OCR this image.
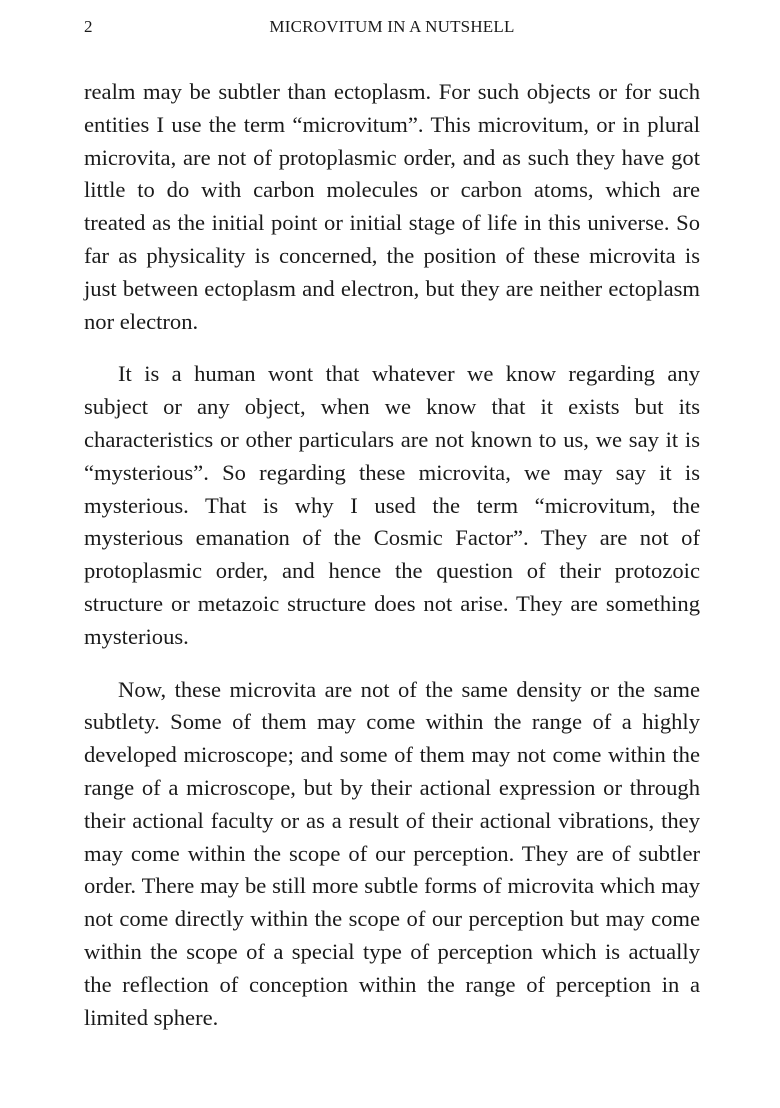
2	MICROVITUM IN A NUTSHELL

realm may be subtler than ectoplasm. For such objects or for such entities I use the term “microvitum”. This microvitum, or in plural microvita, are not of protoplasmic order, and as such they have got little to do with carbon molecules or carbon atoms, which are treated as the initial point or initial stage of life in this universe. So far as physicality is concerned, the position of these microvita is just between ectoplasm and electron, but they are neither ectoplasm nor electron.

It is a human wont that whatever we know regarding any subject or any object, when we know that it exists but its characteristics or other particulars are not known to us, we say it is “mysterious”. So regarding these microvita, we may say it is mysterious. That is why I used the term “microvitum, the mysterious emanation of the Cosmic Factor”. They are not of protoplasmic order, and hence the question of their protozoic structure or metazoic structure does not arise. They are something mysterious.

Now, these microvita are not of the same density or the same subtlety. Some of them may come within the range of a highly developed microscope; and some of them may not come within the range of a microscope, but by their actional expression or through their actional faculty or as a result of their actional vibrations, they may come within the scope of our perception. They are of subtler order. There may be still more subtle forms of microvita which may not come directly within the scope of our perception but may come within the scope of a special type of perception which is actually the reflection of conception within the range of perception in a limited sphere.
